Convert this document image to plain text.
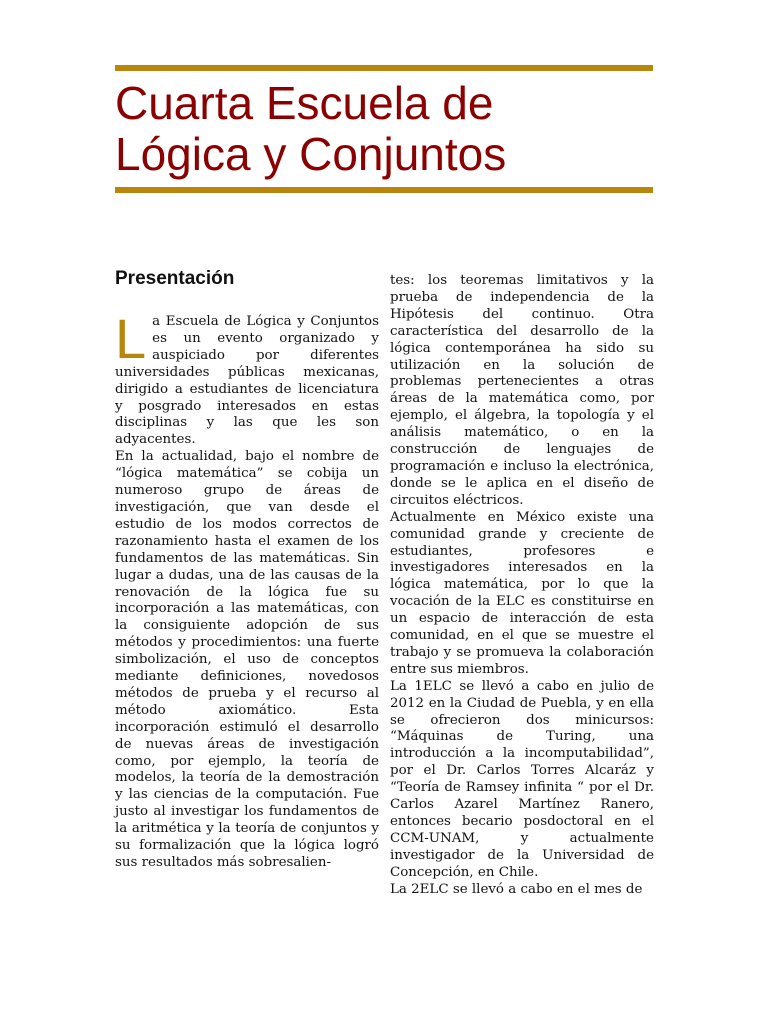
Cuarta Escuela de
Lógica y Conjuntos
Presentación

La Escuela de Lógica y Conjuntos es un evento organizado y auspiciado por diferentes universidades públicas mexicanas, dirigido a estudiantes de licenciatura y posgrado interesados en estas disciplinas y las que les son adyacentes.

En la actualidad, bajo el nombre de “lógica matemática” se cobija un numeroso grupo de áreas de investigación, que van desde el estudio de los modos correctos de razonamiento hasta el examen de los fundamentos de las matemáticas. Sin lugar a dudas, una de las causas de la renovación de la lógica fue su incorporación a las matemáticas, con la consiguiente adopción de sus métodos y procedimientos: una fuerte simbolización, el uso de conceptos mediante definiciones, novedosos métodos de prueba y el recurso al método axiomático. Esta incorporación estimuló el desarrollo de nuevas áreas de investigación como, por ejemplo, la teoría de modelos, la teoría de la demostración y las ciencias de la computación. Fue justo al investigar los fundamentos de la aritmética y la teoría de conjuntos y su formalización que la lógica logró sus resultados más sobresalien-

tes: los teoremas limitativos y la prueba de independencia de la Hipótesis del continuo. Otra característica del desarrollo de la lógica contemporánea ha sido su utilización en la solución de problemas pertenecientes a otras áreas de la matemática como, por ejemplo, el álgebra, la topología y el análisis matemático, o en la construcción de lenguajes de programación e incluso la electrónica, donde se le aplica en el diseño de circuitos eléctricos.

Actualmente en México existe una comunidad grande y creciente de estudiantes, profesores e investigadores interesados en la lógica matemática, por lo que la vocación de la ELC es constituirse en un espacio de interacción de esta comunidad, en el que se muestre el trabajo y se promueva la colaboración entre sus miembros.

La 1ELC se llevó a cabo en julio de 2012 en la Ciudad de Puebla, y en ella se ofrecieron dos minicursos: “Máquinas de Turing, una introducción a la incomputabilidad”, por el Dr. Carlos Torres Alcaráz y “Teoría de Ramsey infinita “ por el Dr. Carlos Azarel Martínez Ranero, entonces becario posdoctoral en el CCM-UNAM, y actualmente investigador de la Universidad de Concepción, en Chile.

La 2ELC se llevó a cabo en el mes de
